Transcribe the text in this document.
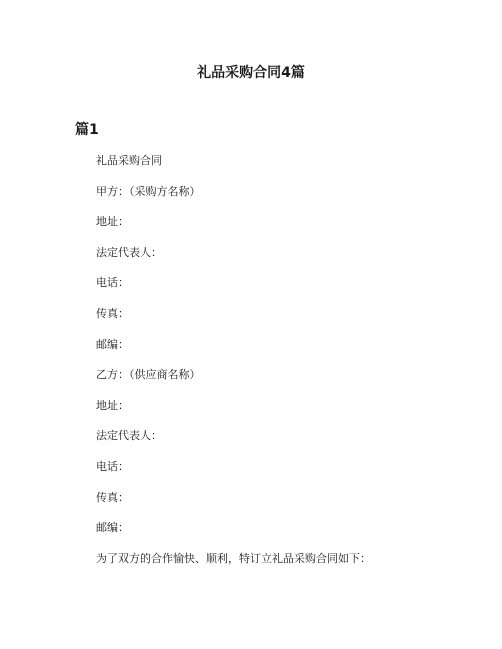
礼品采购合同4篇
篇1
礼品采购合同
甲方：（采购方名称）
地址：
法定代表人：
电话：
传真：
邮编：
乙方：（供应商名称）
地址：
法定代表人：
电话：
传真：
邮编：
为了双方的合作愉快、顺利，特订立礼品采购合同如下：
